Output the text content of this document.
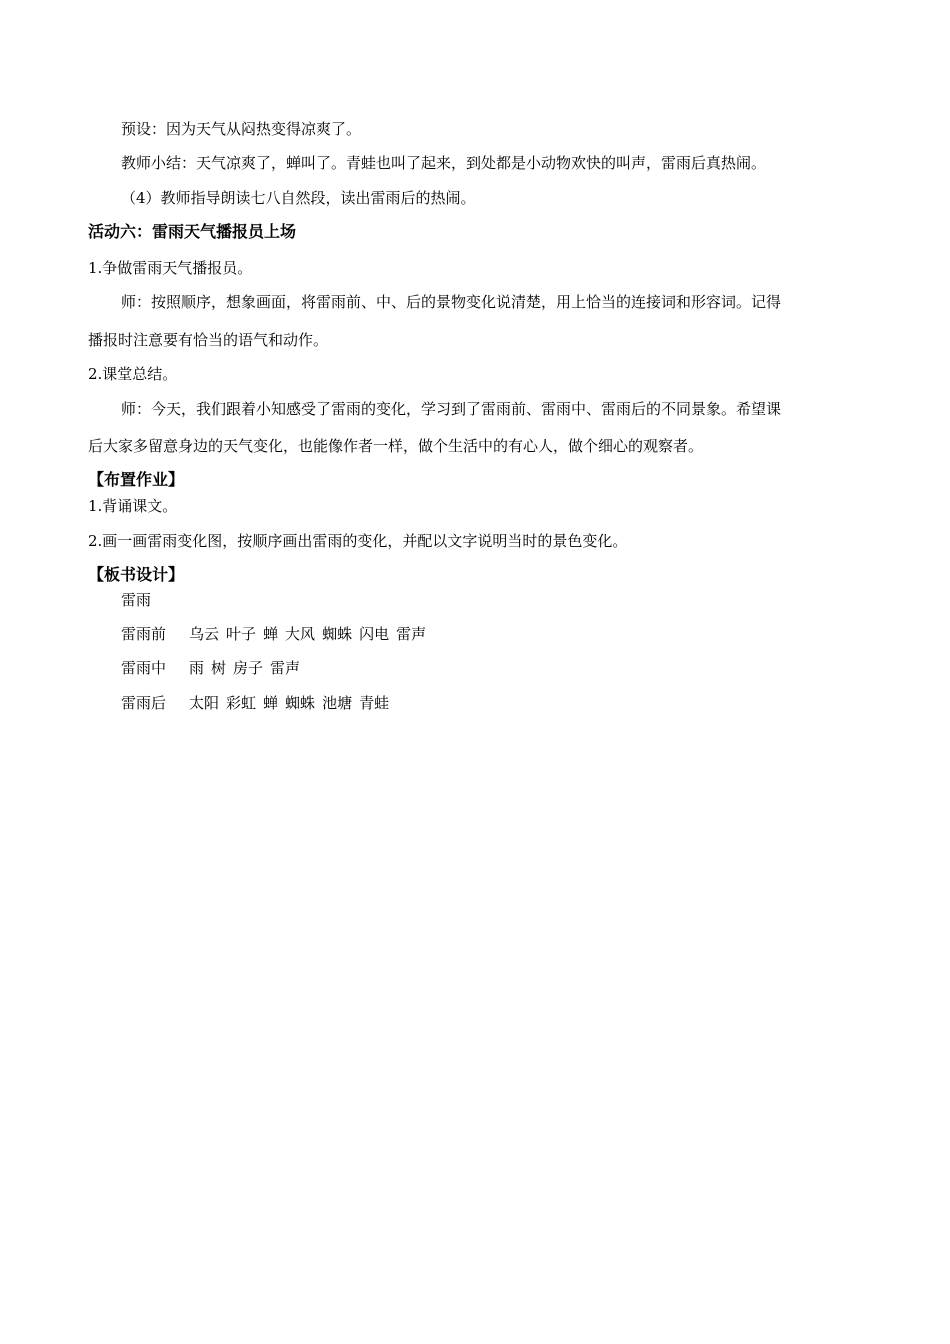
预设：因为天气从闷热变得凉爽了。
教师小结：天气凉爽了，蝉叫了。青蛙也叫了起来，到处都是小动物欢快的叫声，雷雨后真热闹。
（4）教师指导朗读七八自然段，读出雷雨后的热闹。
活动六：雷雨天气播报员上场
1.争做雷雨天气播报员。
师：按照顺序，想象画面，将雷雨前、中、后的景物变化说清楚，用上恰当的连接词和形容词。记得
播报时注意要有恰当的语气和动作。
2.课堂总结。
师：今天，我们跟着小知感受了雷雨的变化，学习到了雷雨前、雷雨中、雷雨后的不同景象。希望课
后大家多留意身边的天气变化，也能像作者一样，做个生活中的有心人，做个细心的观察者。
【布置作业】
1.背诵课文。
2.画一画雷雨变化图，按顺序画出雷雨的变化，并配以文字说明当时的景色变化。
【板书设计】
雷雨
雷雨前 乌云 叶子 蝉 大风 蜘蛛 闪电 雷声
雷雨中 雨 树 房子 雷声
雷雨后 太阳 彩虹 蝉 蜘蛛 池塘 青蛙
